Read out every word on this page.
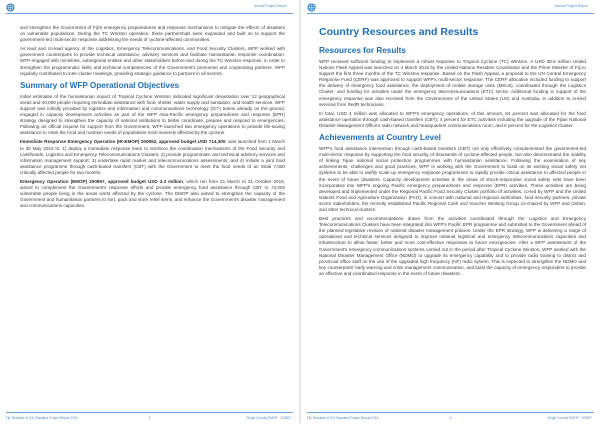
Annual Project Report

and strengthen the Government of Fiji's emergency preparedness and response mechanisms to mitigate the effects of disasters on vulnerable populations. During the TC Winston operation, these partnerships were expanded and built on to support the government-led multi-sector response addressing the needs of cyclone-affected communities.

As lead and co-lead agency of the Logistics, Emergency Telecommunications, and Food Security Clusters, WFP worked with government counterparts to provide technical assistance, advisory services and facilitate humanitarian response coordination. WFP engaged with ministries, subregional entities and other stakeholders before and during the TC Winston response, in order to strengthen the programmatic skills and technical competencies of the Government's personnel and cooperating partners. WFP regularly contributed to inter-cluster meetings, providing strategic guidance to partners in all sectors.

Summary of WFP Operational Objectives

Initial estimates of the humanitarian impact of Tropical Cyclone Winston indicated significant devastation over 12 geographical areas and 40,000 people requiring immediate assistance with food, shelter, water supply and sanitation, and health services. WFP support was initially provided by logistics and information and communications technology (ICT) teams already on the ground, engaged in capacity development activities as part of the WFP Asia-Pacific emergency preparedness and response (EPR) strategy designed to strengthen the capacity of national institutions to better coordinate, prepare and respond to emergencies. Following an official request for support from the Government, WFP launched two emergency operations to provide life-saving assistance to meet the food and nutrition needs of populations most severely affected by the cyclone.

Immediate Response Emergency Operation (IR-EMOP) 200952, approved budget USD 714,300, was launched from 1 March to 30 May 2016 to: 1) deploy a immediate response team to reinforce the coordination mechanisms of the Food Security and Livelihoods, Logistics and Emergency Telecommunications Clusters; 2) provide programmatic and technical advisory services and information management support; 3) undertake rapid market and telecommunications assessments; and 4) initiate a joint food assistance programme through cash-based transfers (CBT) with the Government to meet the food needs of an initial 7,000 critically affected people for two months.

Emergency Operation (EMOP) 200957, approved budget USD 3.3 million, which ran from 21 March to 31 October 2016, aimed to complement the Government's response efforts and provide emergency food assistance through CBT to 72,000 vulnerable people living in the areas worst affected by the cyclone. The EMOP also aimed to strengthen the capacity of the Government and humanitarian partners to sort, pack and store relief items, and enhance the Government's disaster management and communications capacities.

Fiji, Republic of (FJ) Standard Project Report 2016	5	Single Country EMOP - 200957
Annual Project Report
Country Resources and Results
Resources for Results

WFP received sufficient funding to implement a robust response to Tropical Cyclone (TC) Winston. A USD 38.6 million United Nations Flash Appeal was launched on 4 March 2016 by the United Nations Resident Coordinator and the Prime Minister of Fiji to support the first three months of the TC Winston response. Based on the Flash Appeal, a proposal to the UN Central Emergency Response Fund (CERF) was approved to support WFP's multi-sector response. The CERF allocation included funding to support the delivery of emergency food assistance, the deployment of mobile storage units (MSUs), coordinated through the Logistics Cluster; and funding for activities under the emergency telecommunications (ETC) sector. Additional funding in support of the emergency response was also received from the Governments of the United States (US) and Australia, in addition to in-kind services from RedR technicians.

In total, USD 4 million was allocated to WFP's emergency operations; of this amount, 84 percent was allocated for the food assistance operation through cash-based transfers (CBT); 4 percent for ETC activities including the upgrade of the Fijian National Disaster Management Office's radio network and headquarters communications room; and 6 percent for the Logistics Cluster.

Achievements at Country Level

WFP's food assistance intervention through cash-based transfers (CBT) not only effectively complemented the government-led multi-sector response by supporting the food security of thousands of cyclone-affected people, but also demonstrated the viability of linking Fijian national social protection programmes with humanitarian assistance. Following the examination of key achievements, challenges and good practices, WFP is working with the Government to build on its existing social safety net systems to be able to swiftly scale up emergency response programmes to rapidly provide critical assistance to affected people in the event of future disasters. Capacity development activities in the areas of shock-responsive social safety nets have been incorporated into WFP's ongoing Pacific emergency preparedness and response (EPR) activities. These activities are being developed and implemented under the Regional Pacific Food Security Cluster portfolio of activities, co-led by WFP and the United Nations Food and Agriculture Organization (FAO), in concert with national and regional authorities, food security partners, private sector stakeholders, the recently established Pacific Regional Cash and Voucher Working Group co-chaired by WFP and Oxfam, and other technical clusters.

Best practices and recommendations drawn from the activities coordinated through the Logistics and Emergency Telecommunications Clusters have been integrated into WFP's Pacific EPR programme and submitted to the Government ahead of the planned legislative revision of national disaster management policies. Under the EPR strategy, WFP is delivering a range of operational and technical services designed to improve national logistical and emergency telecommunications capacities and infrastructure to allow faster, better and more cost-effective responses to future emergencies. After a WFP assessment of the Government's emergency communications systems carried out in the period after Tropical Cyclone Winston, WFP worked with the National Disaster Management Office (NDMO) to upgrade its emergency capability and to provide radio training to district and provincial office staff on the use of the upgraded high frequency (HF) radio system. This is expected to strengthen the NDMO and key counterparts' early warning and crisis management communication, and build the capacity of emergency responders to provide an effective and coordinated response in the event of future disasters.

Fiji, Republic of (FJ) Standard Project Report 2016	6	Single Country EMOP - 200957
